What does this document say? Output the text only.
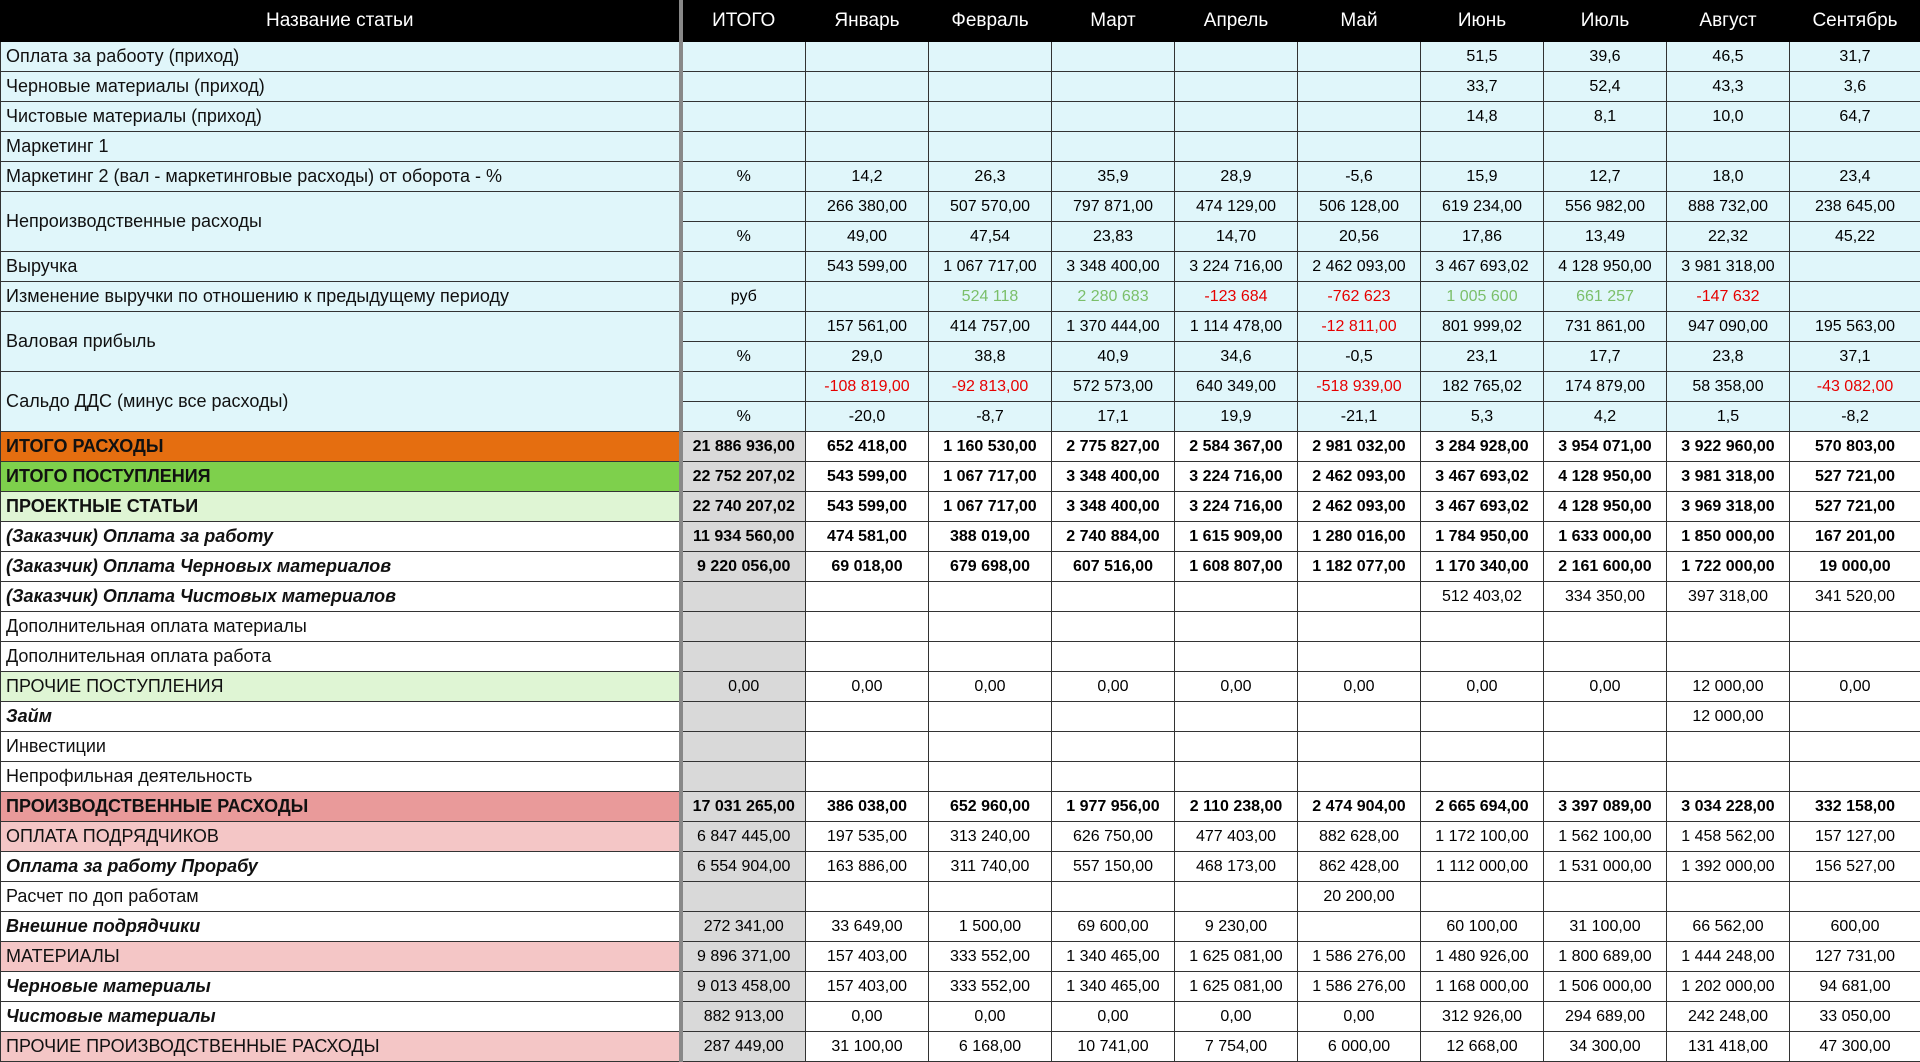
Название статьи	ИТОГО	Январь	Февраль	Март	Апрель	Май	Июнь	Июль	Август	Сентябрь
Оплата за рабооту (приход)							51,5	39,6	46,5	31,7
Черновые материалы (приход)							33,7	52,4	43,3	3,6
Чистовые материалы (приход)							14,8	8,1	10,0	64,7
Маркетинг 1										
Маркетинг 2 (вал - маркетинговые расходы) от оборота - %	%	14,2	26,3	35,9	28,9	-5,6	15,9	12,7	18,0	23,4
Непроизводственные расходы		266 380,00	507 570,00	797 871,00	474 129,00	506 128,00	619 234,00	556 982,00	888 732,00	238 645,00
	%	49,00	47,54	23,83	14,70	20,56	17,86	13,49	22,32	45,22
Выручка		543 599,00	1 067 717,00	3 348 400,00	3 224 716,00	2 462 093,00	3 467 693,02	4 128 950,00	3 981 318,00	
Изменение выручки по отношению к предыдущему периоду	руб		524 118	2 280 683	-123 684	-762 623	1 005 600	661 257	-147 632	
Валовая прибыль		157 561,00	414 757,00	1 370 444,00	1 114 478,00	-12 811,00	801 999,02	731 861,00	947 090,00	195 563,00
	%	29,0	38,8	40,9	34,6	-0,5	23,1	17,7	23,8	37,1
Сальдо ДДС (минус все расходы)		-108 819,00	-92 813,00	572 573,00	640 349,00	-518 939,00	182 765,02	174 879,00	58 358,00	-43 082,00
	%	-20,0	-8,7	17,1	19,9	-21,1	5,3	4,2	1,5	-8,2
ИТОГО РАСХОДЫ	21 886 936,00	652 418,00	1 160 530,00	2 775 827,00	2 584 367,00	2 981 032,00	3 284 928,00	3 954 071,00	3 922 960,00	570 803,00
ИТОГО ПОСТУПЛЕНИЯ	22 752 207,02	543 599,00	1 067 717,00	3 348 400,00	3 224 716,00	2 462 093,00	3 467 693,02	4 128 950,00	3 981 318,00	527 721,00
ПРОЕКТНЫЕ СТАТЬИ	22 740 207,02	543 599,00	1 067 717,00	3 348 400,00	3 224 716,00	2 462 093,00	3 467 693,02	4 128 950,00	3 969 318,00	527 721,00
(Заказчик) Оплата за работу	11 934 560,00	474 581,00	388 019,00	2 740 884,00	1 615 909,00	1 280 016,00	1 784 950,00	1 633 000,00	1 850 000,00	167 201,00
(Заказчик) Оплата Черновых материалов	9 220 056,00	69 018,00	679 698,00	607 516,00	1 608 807,00	1 182 077,00	1 170 340,00	2 161 600,00	1 722 000,00	19 000,00
(Заказчик) Оплата Чистовых материалов							512 403,02	334 350,00	397 318,00	341 520,00
Дополнительная оплата материалы										
Дополнительная оплата работа										
ПРОЧИЕ ПОСТУПЛЕНИЯ	0,00	0,00	0,00	0,00	0,00	0,00	0,00	0,00	12 000,00	0,00
Займ									12 000,00	
Инвестиции										
Непрофильная деятельность										
ПРОИЗВОДСТВЕННЫЕ РАСХОДЫ	17 031 265,00	386 038,00	652 960,00	1 977 956,00	2 110 238,00	2 474 904,00	2 665 694,00	3 397 089,00	3 034 228,00	332 158,00
ОПЛАТА ПОДРЯДЧИКОВ	6 847 445,00	197 535,00	313 240,00	626 750,00	477 403,00	882 628,00	1 172 100,00	1 562 100,00	1 458 562,00	157 127,00
Оплата за работу Прорабу	6 554 904,00	163 886,00	311 740,00	557 150,00	468 173,00	862 428,00	1 112 000,00	1 531 000,00	1 392 000,00	156 527,00
Расчет по доп работам						20 200,00				
Внешние подрядчики	272 341,00	33 649,00	1 500,00	69 600,00	9 230,00		60 100,00	31 100,00	66 562,00	600,00
МАТЕРИАЛЫ	9 896 371,00	157 403,00	333 552,00	1 340 465,00	1 625 081,00	1 586 276,00	1 480 926,00	1 800 689,00	1 444 248,00	127 731,00
Черновые материалы	9 013 458,00	157 403,00	333 552,00	1 340 465,00	1 625 081,00	1 586 276,00	1 168 000,00	1 506 000,00	1 202 000,00	94 681,00
Чистовые материалы	882 913,00	0,00	0,00	0,00	0,00	0,00	312 926,00	294 689,00	242 248,00	33 050,00
ПРОЧИЕ ПРОИЗВОДСТВЕННЫЕ РАСХОДЫ	287 449,00	31 100,00	6 168,00	10 741,00	7 754,00	6 000,00	12 668,00	34 300,00	131 418,00	47 300,00
